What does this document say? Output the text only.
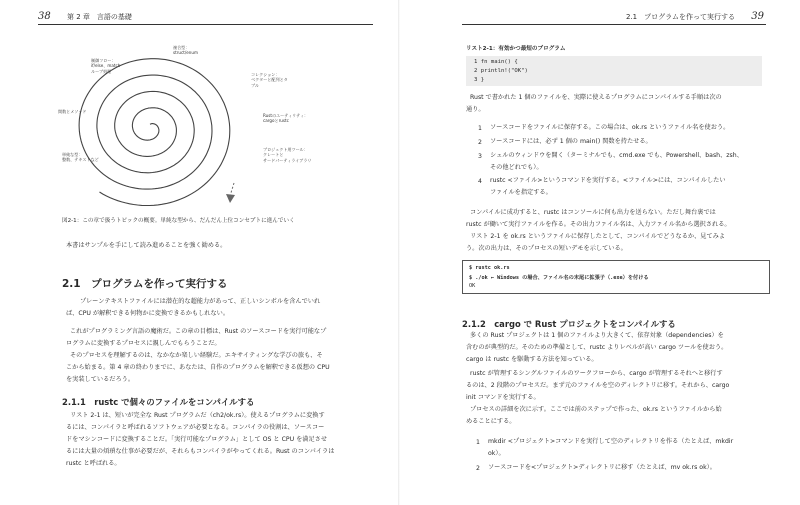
38 第 2 章　言語の基礎
複合型：
struct/enum
制御フロー：
if/else、match
ループ処理
関数とメソッド
単純な型：
整数、テキストなど
コレクション：
ベクターと配列とタ
プル
Rustのユーティリティ：
cargoとrustc
プロジェクト用ツール：
クレートと
サードパーティライブラリ
図2-1：この章で扱うトピックの概要。単純な型から、だんだん上位コンセプトに進んでいく
本書はサンプルを手にして読み進めることを強く勧める。
2.1　プログラムを作って実行する
プレーンテキストファイルには潜在的な超能力があって、正しいシンボルを含んでいれ
ば、CPU が解釈できる何物かに変換できるかもしれない。
これがプログラミング言語の魔術だ。この章の目標は、Rust のソースコードを実行可能なプ
ログラムに変換するプロセスに親しんでもらうことだ。
そのプロセスを理解するのは、なかなか楽しい経験だ。エキサイティングな学びの旅も、そ
こから始まる。第 4 章の終わりまでに、あなたは、自作のプログラムを解釈できる仮想の CPU
を実装しているだろう。
2.1.1　rustc で個々のファイルをコンパイルする
リスト 2-1 は、短いが完全な Rust プログラムだ（ch2/ok.rs）。使えるプログラムに変換す
るには、コンパイラと呼ばれるソフトウェアが必要となる。コンパイラの役割は、ソースコー
ドをマシンコードに変換することだ。「実行可能なプログラム」として OS と CPU を満足させ
るには大量の煩瑣な仕事が必要だが、それらもコンパイラがやってくれる。Rust のコンパイラは
rustc と呼ばれる。
2.1　プログラムを作って実行する 39
リスト2-1：有効かつ最短のプログラム
1 fn main() {
2 println!("OK")
3 }
Rust で書かれた 1 個のファイルを、実際に使えるプログラムにコンパイルする手順は次の
通り。
1 ソースコードをファイルに保存する。この場合は、ok.rs というファイル名を使おう。
2 ソースコードには、必ず 1 個の main() 関数を持たせる。
3 シェルのウィンドウを開く（ターミナルでも、cmd.exe でも、Powershell、bash、zsh、
その他どれでも）。
4 rustc <ファイル>というコマンドを実行する。<ファイル>には、コンパイルしたい
ファイルを指定する。
コンパイルに成功すると、rustc はコンソールに何も出力を送らない。ただし舞台裏では
rustc が働いて実行ファイルを作る。その出力ファイル名は、入力ファイル名から選択される。
リスト 2-1 を ok.rs というファイルに保存したとして、コンパイルでどうなるか、見てみよ
う。次の出力は、そのプロセスの短いデモを示している。
$ rustc ok.rs
$ ./ok ← Windows の場合、ファイル名の末尾に拡張子（.exe）を付ける
OK
2.1.2　cargo で Rust プロジェクトをコンパイルする
多くの Rust プロジェクトは 1 個のファイルより大きくて、依存対象（dependencies）を
含むのが典型的だ。そのための準備として、rustc よりレベルが高い cargo ツールを使おう。
cargo は rustc を駆動する方法を知っている。
rustc が管理するシングルファイルのワークフローから、cargo が管理するそれへと移行す
るのは、2 段階のプロセスだ。まず元のファイルを空のディレクトリに移す。それから、cargo
init コマンドを実行する。
プロセスの詳細を次に示す。ここでは前のステップで作った、ok.rs というファイルから始
めることにする。
1 mkdir <プロジェクト>コマンドを実行して空のディレクトリを作る（たとえば、mkdir
ok）。
2 ソースコードを<プロジェクト>ディレクトリに移す（たとえば、mv ok.rs ok）。
